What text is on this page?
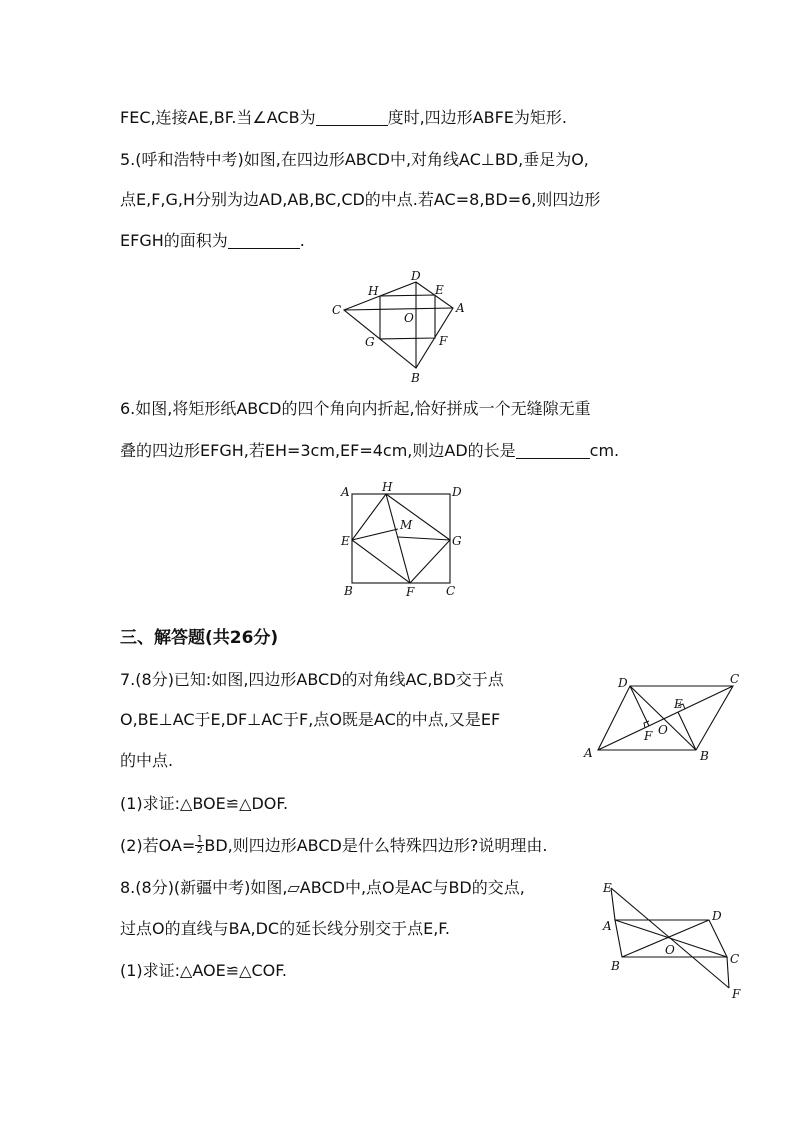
FEC,连接AE,BF.当∠ACB为	度时,四边形ABFE为矩形.
5.(呼和浩特中考)如图,在四边形ABCD中,对角线AC⊥BD,垂足为O,
点E,F,G,H分别为边AD,AB,BC,CD的中点.若AC=8,BD=6,则四边形
EFGH的面积为	.
D
H	E
C	A
O
G	F
B
6.如图,将矩形纸ABCD的四个角向内折起,恰好拼成一个无缝隙无重
叠的四边形EFGH,若EH=3cm,EF=4cm,则边AD的长是	cm.
A	H	D
M
E	G
B	F	C
三、解答题(共26分)
7.(8分)已知:如图,四边形ABCD的对角线AC,BD交于点
O,BE⊥AC于E,DF⊥AC于F,点O既是AC的中点,又是EF
的中点.
(1)求证:△BOE≌△DOF.
(2)若$OA= \frac{1}{2}$ BD,则四边形ABCD是什么特殊四边形?说明理由.
D	C
E
O
F
A	B
8.(8分)(新疆中考)如图,▱ABCD中,点O是AC与BD的交点,
过点O的直线与BA,DC的延长线分别交于点E,F.
(1)求证:△AOE≌△COF.
E
D
A
O
C
B
F
